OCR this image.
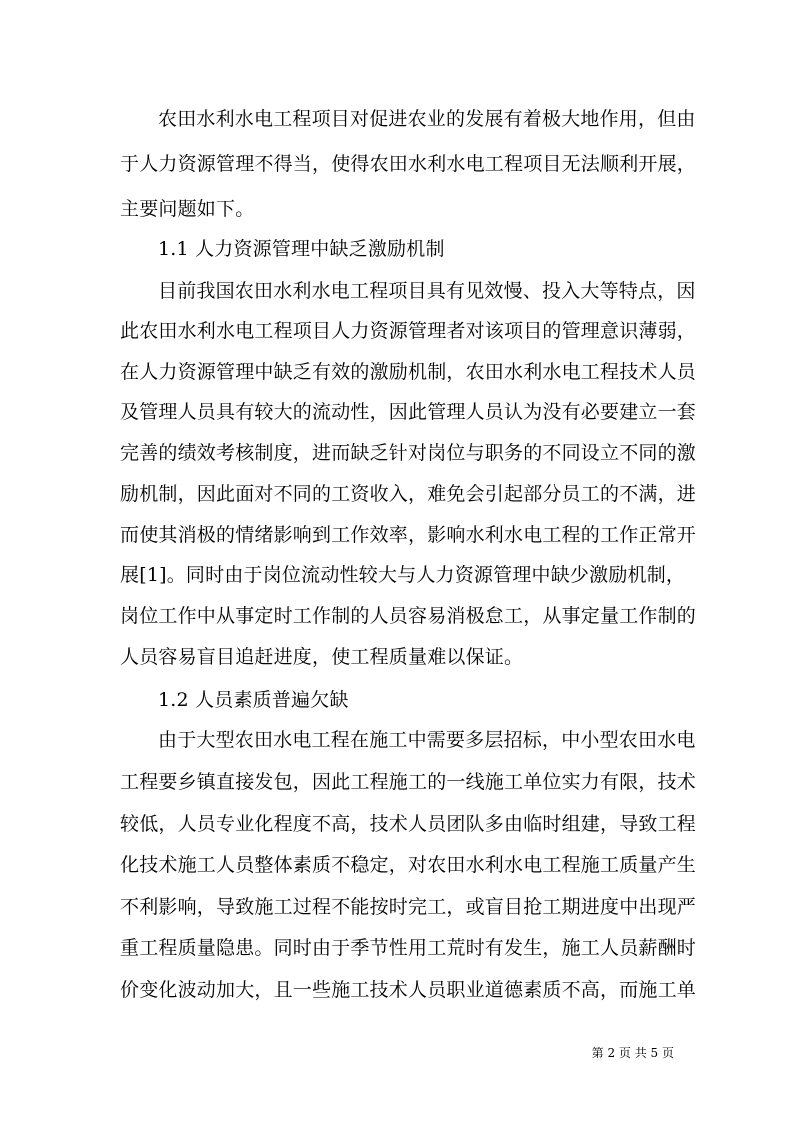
农田水利水电工程项目对促进农业的发展有着极大地作用，但由
于人力资源管理不得当，使得农田水利水电工程项目无法顺利开展，
主要问题如下。
1.1 人力资源管理中缺乏激励机制
目前我国农田水利水电工程项目具有见效慢、投入大等特点，因
此农田水利水电工程项目人力资源管理者对该项目的管理意识薄弱，
在人力资源管理中缺乏有效的激励机制，农田水利水电工程技术人员
及管理人员具有较大的流动性，因此管理人员认为没有必要建立一套
完善的绩效考核制度，进而缺乏针对岗位与职务的不同设立不同的激
励机制，因此面对不同的工资收入，难免会引起部分员工的不满，进
而使其消极的情绪影响到工作效率，影响水利水电工程的工作正常开
展[1]。同时由于岗位流动性较大与人力资源管理中缺少激励机制，
岗位工作中从事定时工作制的人员容易消极怠工，从事定量工作制的
人员容易盲目追赶进度，使工程质量难以保证。
1.2 人员素质普遍欠缺
由于大型农田水电工程在施工中需要多层招标，中小型农田水电
工程要乡镇直接发包，因此工程施工的一线施工单位实力有限，技术
较低，人员专业化程度不高，技术人员团队多由临时组建，导致工程
化技术施工人员整体素质不稳定，对农田水利水电工程施工质量产生
不利影响，导致施工过程不能按时完工，或盲目抢工期进度中出现严
重工程质量隐患。同时由于季节性用工荒时有发生，施工人员薪酬时
价变化波动加大，且一些施工技术人员职业道德素质不高，而施工单
第 2 页 共 5 页
